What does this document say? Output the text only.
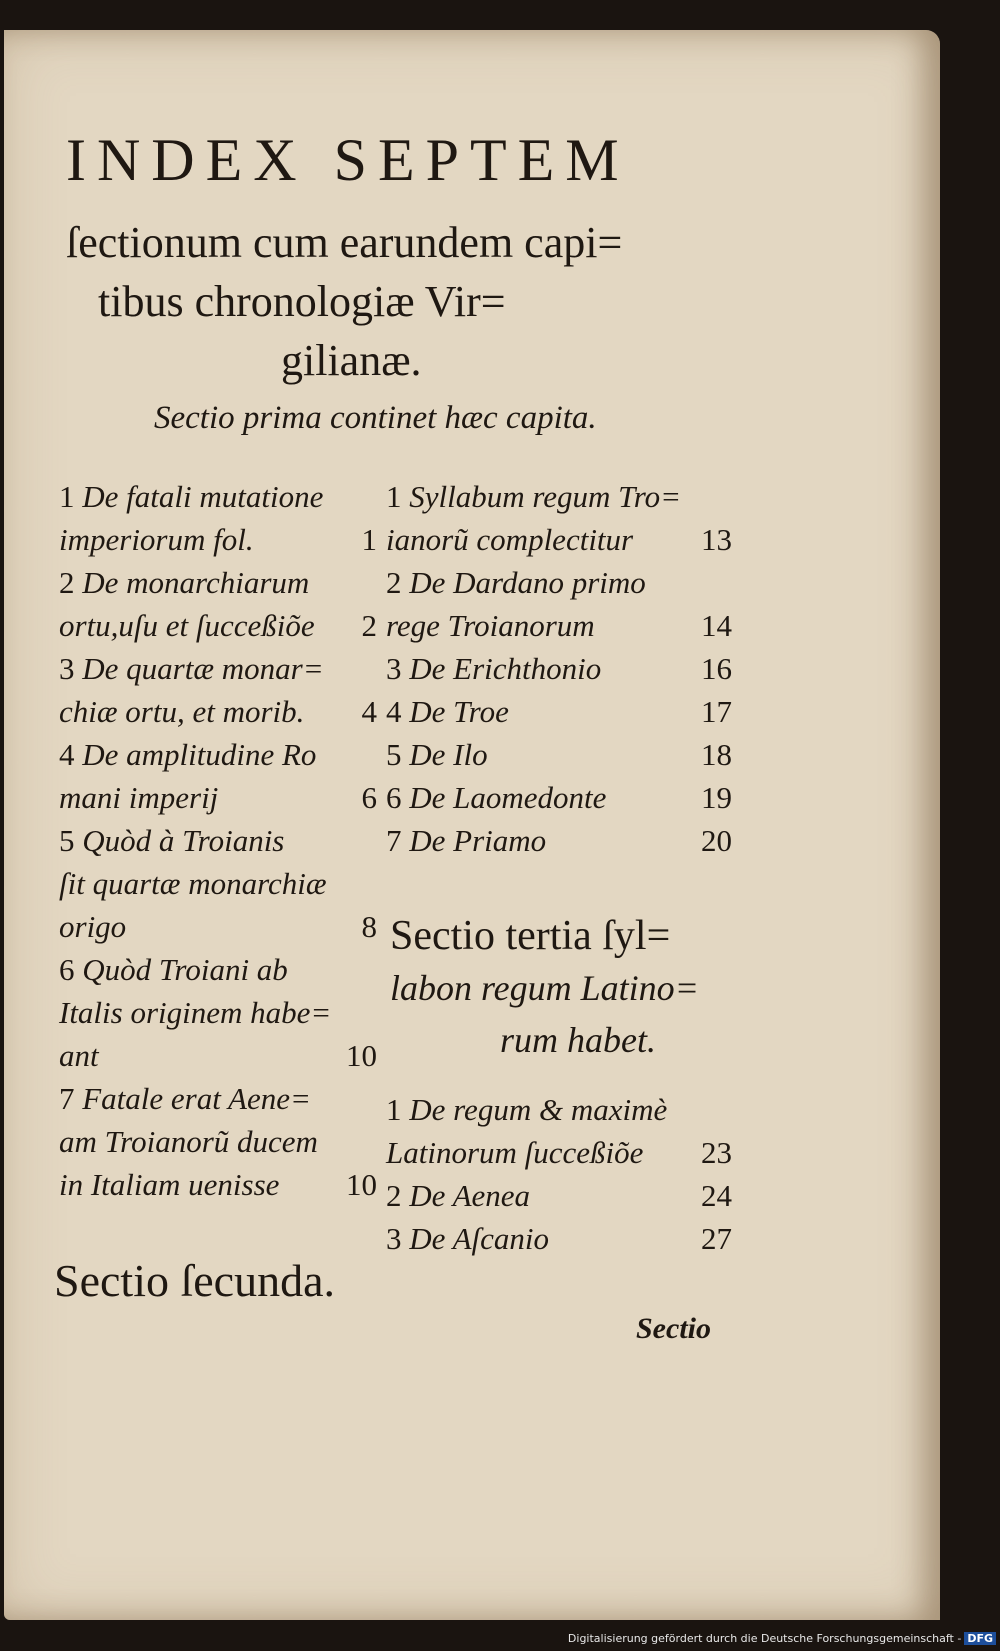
INDEX SEPTEM
ſectionum cum earundem capi=
tibus chronologiæ Vir=
gilianæ.
Sectio prima continet hæc capita.
1 De fatali mutatione
imperiorum fol.	1
2 De monarchiarum
ortu,uſu et ſucceßiõe 2
3 De quartæ monar=
chiæ ortu, et morib. 4
4 De amplitudine Ro
mani imperij	6
5 Quòd à Troianis
ſit quartæ monarchiæ
origo	8
6 Quòd Troiani ab
Italis originem habe=
ant	10
7 Fatale erat Aene=
am Troianorũ ducem
in Italiam uenisse 10
1 Syllabum regum Tro=
ianorũ complectitur 13
2 De Dardano primo
rege Troianorum	14
3 De Erichthonio	16
4 De Troe	17
5 De Ilo	18
6 De Laomedonte	19
7 De Priamo	20
Sectio tertia ſyl=
labon regum Latino=
rum habet.
1 De regum & maximè
Latinorum ſucceßiõe 23
2 De Aenea	24
3 De Aſcanio	27
Sectio ſecunda.
Sectio
Digitalisierung gefördert durch die Deutsche Forschungsgemeinschaft - DFG
